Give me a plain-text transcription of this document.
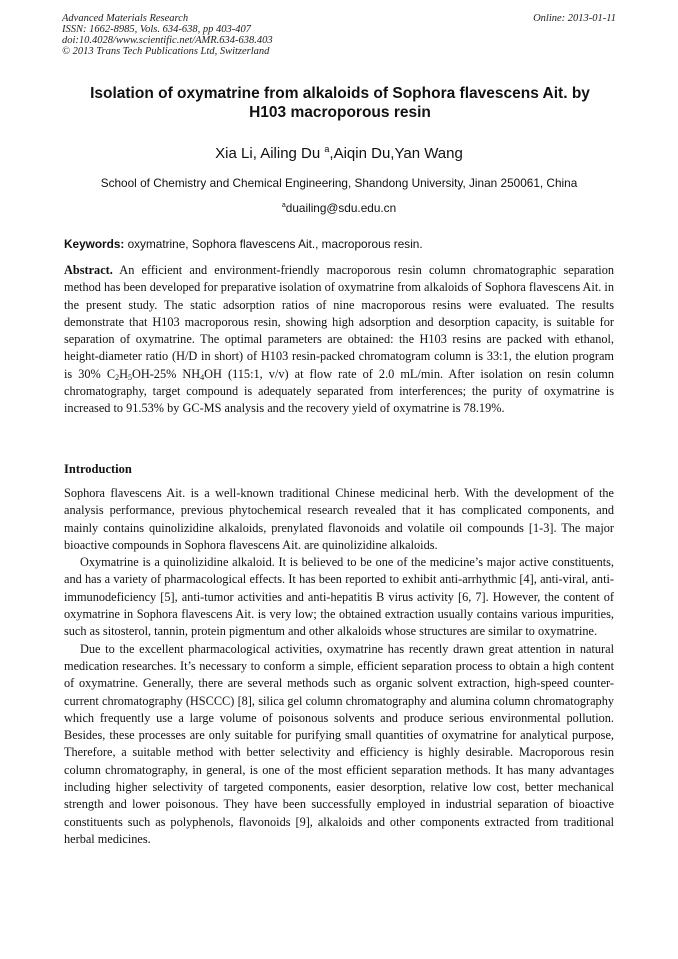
Advanced Materials Research
ISSN: 1662-8985, Vols. 634-638, pp 403-407
doi:10.4028/www.scientific.net/AMR.634-638.403
© 2013 Trans Tech Publications Ltd, Switzerland
Online: 2013-01-11
Isolation of oxymatrine from alkaloids of Sophora flavescens Ait. by
H103 macroporous resin
Xia Li, Ailing Du $^a$,Aiqin Du,Yan Wang
School of Chemistry and Chemical Engineering, Shandong University, Jinan 250061, China
$^a$duailing@sdu.edu.cn
Keywords: oxymatrine, Sophora flavescens Ait., macroporous resin.
Abstract. An efficient and environment-friendly macroporous resin column chromatographic separation method has been developed for preparative isolation of oxymatrine from alkaloids of Sophora flavescens Ait. in the present study. The static adsorption ratios of nine macroporous resins were evaluated. The results demonstrate that H103 macroporous resin, showing high adsorption and desorption capacity, is suitable for separation of oxymatrine. The optimal parameters are obtained: the H103 resins are packed with ethanol, height-diameter ratio (H/D in short) of H103 resin-packed chromatogram column is 33:1, the elution program is 30% $C_2H_5OH-25\%$ $NH_4OH$ (115:1, v/v) at flow rate of 2.0 mL/min. After isolation on resin column chromatography, target compound is adequately separated from interferences; the purity of oxymatrine is increased to 91.53% by GC-MS analysis and the recovery yield of oxymatrine is 78.19%.
Introduction

Sophora flavescens Ait. is a well-known traditional Chinese medicinal herb. With the development of the analysis performance, previous phytochemical research revealed that it has complicated components, and mainly contains quinolizidine alkaloids, prenylated flavonoids and volatile oil compounds [1-3]. The major bioactive compounds in Sophora flavescens Ait. are quinolizidine alkaloids.

Oxymatrine is a quinolizidine alkaloid. It is believed to be one of the medicine’s major active constituents, and has a variety of pharmacological effects. It has been reported to exhibit anti-arrhythmic [4], anti-viral, anti-immunodeficiency [5], anti-tumor activities and anti-hepatitis B virus activity [6, 7]. However, the content of oxymatrine in Sophora flavescens Ait. is very low; the obtained extraction usually contains various impurities, such as sitosterol, tannin, protein pigmentum and other alkaloids whose structures are similar to oxymatrine.

Due to the excellent pharmacological activities, oxymatrine has recently drawn great attention in natural medication researches. It’s necessary to conform a simple, efficient separation process to obtain a high content of oxymatrine. Generally, there are several methods such as organic solvent extraction, high-speed counter-current chromatography (HSCCC) [8], silica gel column chromatography and alumina column chromatography which frequently use a large volume of poisonous solvents and produce serious environmental pollution. Besides, these processes are only suitable for purifying small quantities of oxymatrine for analytical purpose, Therefore, a suitable method with better selectivity and efficiency is highly desirable. Macroporous resin column chromatography, in general, is one of the most efficient separation methods. It has many advantages including higher selectivity of targeted components, easier desorption, relative low cost, better mechanical strength and lower poisonous. They have been successfully employed in industrial separation of bioactive constituents such as polyphenols, flavonoids [9], alkaloids and other components extracted from traditional herbal medicines.
